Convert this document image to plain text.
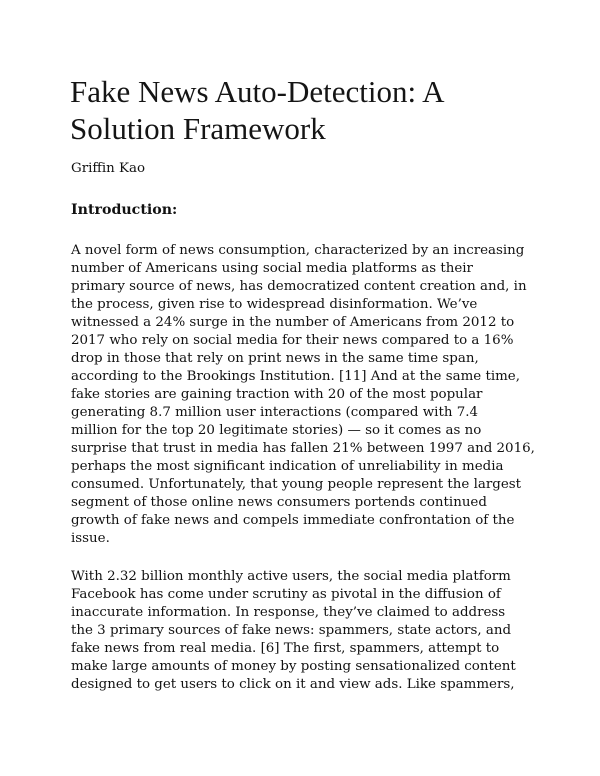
Fake News Auto-Detection: A
Solution Framework
Griffin Kao
Introduction:

A novel form of news consumption, characterized by an increasing
number of Americans using social media platforms as their
primary source of news, has democratized content creation and, in
the process, given rise to widespread disinformation. We’ve
witnessed a 24% surge in the number of Americans from 2012 to
2017 who rely on social media for their news compared to a 16%
drop in those that rely on print news in the same time span,
according to the Brookings Institution. [11] And at the same time,
fake stories are gaining traction with 20 of the most popular
generating 8.7 million user interactions (compared with 7.4
million for the top 20 legitimate stories) — so it comes as no
surprise that trust in media has fallen 21% between 1997 and 2016,
perhaps the most significant indication of unreliability in media
consumed. Unfortunately, that young people represent the largest
segment of those online news consumers portends continued
growth of fake news and compels immediate confrontation of the
issue.

With 2.32 billion monthly active users, the social media platform
Facebook has come under scrutiny as pivotal in the diffusion of
inaccurate information. In response, they’ve claimed to address
the 3 primary sources of fake news: spammers, state actors, and
fake news from real media. [6] The first, spammers, attempt to
make large amounts of money by posting sensationalized content
designed to get users to click on it and view ads. Like spammers,
